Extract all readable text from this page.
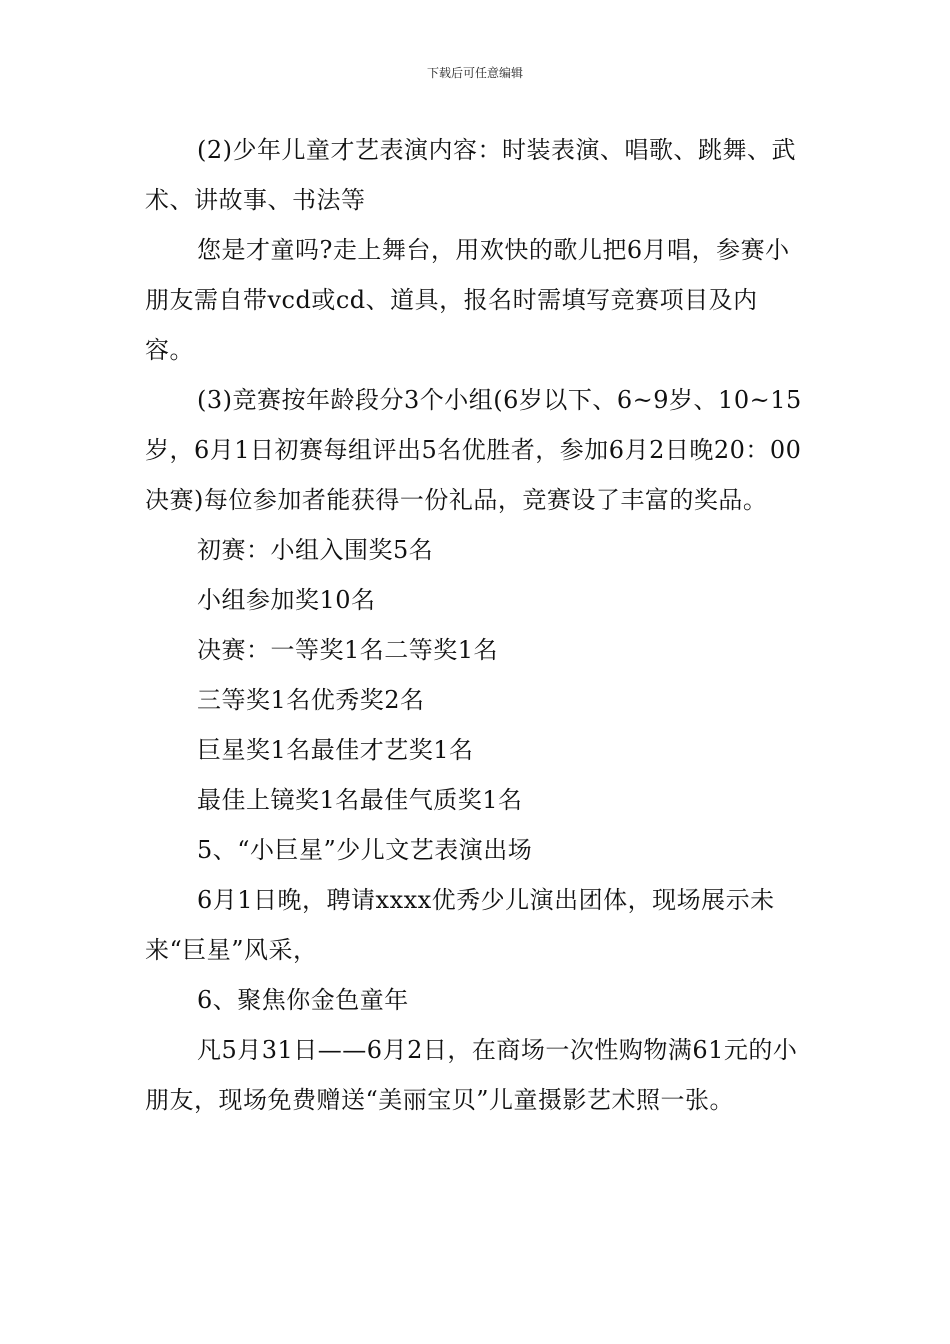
下载后可任意编辑

(2)少年儿童才艺表演内容：时装表演、唱歌、跳舞、武术、讲故事、书法等

您是才童吗?走上舞台，用欢快的歌儿把6月唱，参赛小朋友需自带vcd或cd、道具，报名时需填写竞赛项目及内容。

(3)竞赛按年龄段分3个小组(6岁以下、6~9岁、10~15岁，6月1日初赛每组评出5名优胜者，参加6月2日晚20：00决赛)每位参加者能获得一份礼品，竞赛设了丰富的奖品。

初赛：小组入围奖5名

小组参加奖10名

决赛：一等奖1名二等奖1名

三等奖1名优秀奖2名

巨星奖1名最佳才艺奖1名

最佳上镜奖1名最佳气质奖1名

5、“小巨星”少儿文艺表演出场

6月1日晚，聘请xxxx优秀少儿演出团体，现场展示未来“巨星”风采，

6、聚焦你金色童年

凡5月31日——6月2日，在商场一次性购物满61元的小朋友，现场免费赠送“美丽宝贝”儿童摄影艺术照一张。
